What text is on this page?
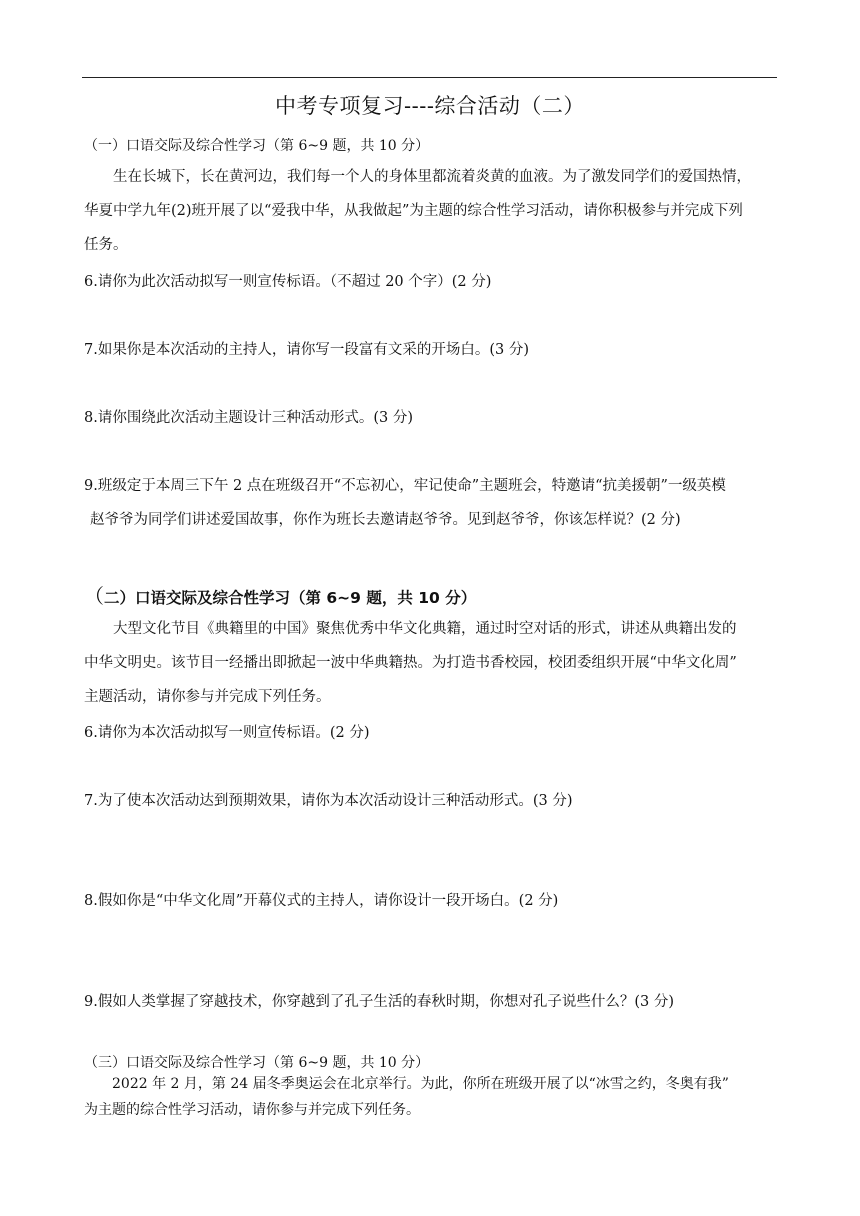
中考专项复习----综合活动（二）
（一）口语交际及综合性学习（第 6~9 题，共 10 分）
　　生在长城下，长在黄河边，我们每一个人的身体里都流着炎黄的血液。为了激发同学们的爱国热情，
华夏中学九年(2)班开展了以“爱我中华，从我做起”为主题的综合性学习活动，请你积极参与并完成下列
任务。
6.请你为此次活动拟写一则宣传标语。（不超过 20 个字）(2 分)
7.如果你是本次活动的主持人，请你写一段富有文采的开场白。(3 分)
8.请你围绕此次活动主题设计三种活动形式。(3 分)
9.班级定于本周三下午 2 点在班级召开“不忘初心，牢记使命”主题班会，特邀请“抗美援朝”一级英模
赵爷爷为同学们讲述爱国故事，你作为班长去邀请赵爷爷。见到赵爷爷，你该怎样说？(2 分)
（二）口语交际及综合性学习（第 6~9 题，共 10 分）
　　大型文化节目《典籍里的中国》聚焦优秀中华文化典籍，通过时空对话的形式，讲述从典籍出发的
中华文明史。该节目一经播出即掀起一波中华典籍热。为打造书香校园，校团委组织开展“中华文化周”
主题活动，请你参与并完成下列任务。
6.请你为本次活动拟写一则宣传标语。(2 分)
7.为了使本次活动达到预期效果，请你为本次活动设计三种活动形式。(3 分)
8.假如你是“中华文化周”开幕仪式的主持人，请你设计一段开场白。(2 分)
9.假如人类掌握了穿越技术，你穿越到了孔子生活的春秋时期，你想对孔子说些什么？(3 分)
（三）口语交际及综合性学习（第 6~9 题，共 10 分）
　　2022 年 2 月，第 24 届冬季奥运会在北京举行。为此，你所在班级开展了以“冰雪之约，冬奥有我”
为主题的综合性学习活动，请你参与并完成下列任务。
